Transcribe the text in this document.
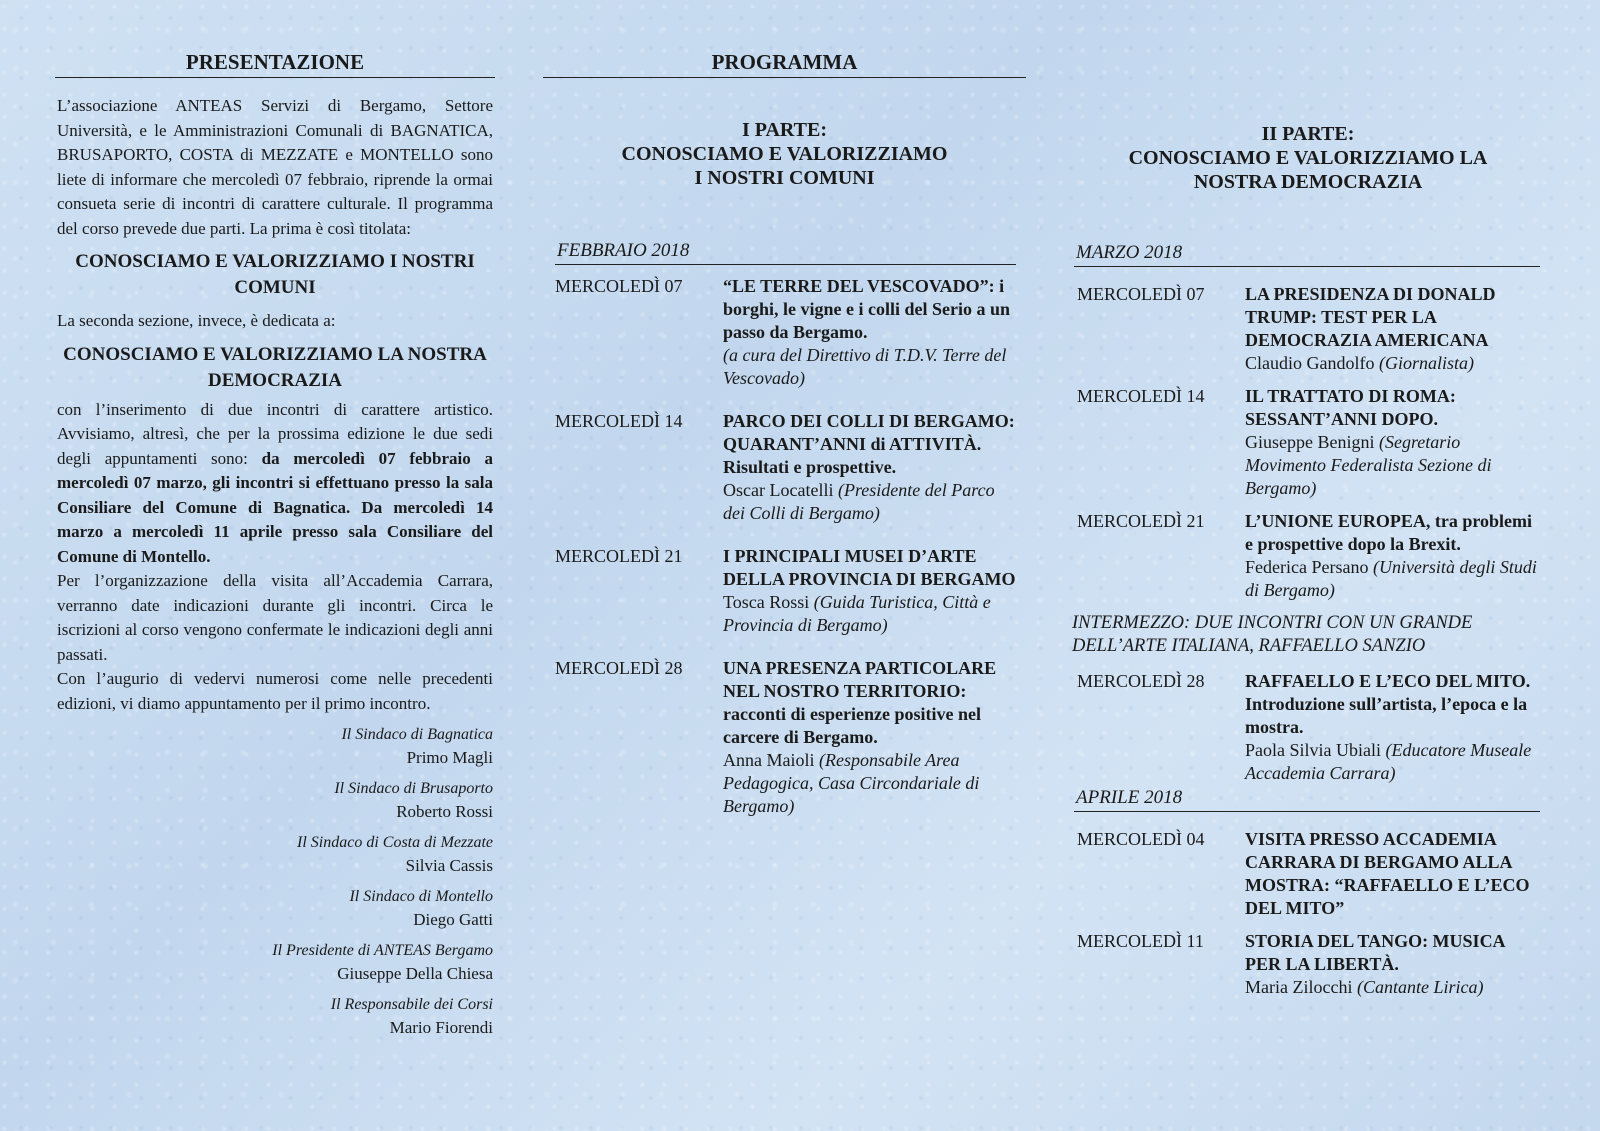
PRESENTAZIONE
L’associazione ANTEAS Servizi di Bergamo, Settore Università, e le Amministrazioni Comunali di BAGNATICA, BRUSAPORTO, COSTA di MEZZATE e MONTELLO sono liete di informare che mercoledì 07 febbraio, riprende la ormai consueta serie di incontri di carattere culturale. Il programma del corso prevede due parti. La prima è così titolata:
CONOSCIAMO E VALORIZZIAMO I NOSTRI COMUNI
La seconda sezione, invece, è dedicata a:
CONOSCIAMO E VALORIZZIAMO LA NOSTRA DEMOCRAZIA
con l’inserimento di due incontri di carattere artistico. Avvisiamo, altresì, che per la prossima edizione le due sedi degli appuntamenti sono: da mercoledì 07 febbraio a mercoledì 07 marzo, gli incontri si effettuano presso la sala Consiliare del Comune di Bagnatica. Da mercoledì 14 marzo a mercoledì 11 aprile presso sala Consiliare del Comune di Montello.
Per l’organizzazione della visita all’Accademia Carrara, verranno date indicazioni durante gli incontri. Circa le iscrizioni al corso vengono confermate le indicazioni degli anni passati.
Con l’augurio di vedervi numerosi come nelle precedenti edizioni, vi diamo appuntamento per il primo incontro.
Il Sindaco di Bagnatica
Primo Magli
Il Sindaco di Brusaporto
Roberto Rossi
Il Sindaco di Costa di Mezzate
Silvia Cassis
Il Sindaco di Montello
Diego Gatti
Il Presidente di ANTEAS Bergamo
Giuseppe Della Chiesa
Il Responsabile dei Corsi
Mario Fiorendi
PROGRAMMA
I PARTE:
CONOSCIAMO E VALORIZZIAMO
I NOSTRI COMUNI
FEBBRAIO 2018
MERCOLEDÌ 07	“LE TERRE DEL VESCOVADO”: i borghi, le vigne e i colli del Serio a un passo da Bergamo.
(a cura del Direttivo di T.D.V. Terre del Vescovado)
MERCOLEDÌ 14	PARCO DEI COLLI DI BERGAMO: QUARANT’ANNI di ATTIVITÀ. Risultati e prospettive.
Oscar Locatelli (Presidente del Parco dei Colli di Bergamo)
MERCOLEDÌ 21	I PRINCIPALI MUSEI D’ARTE DELLA PROVINCIA DI BERGAMO
Tosca Rossi (Guida Turistica, Città e Provincia di Bergamo)
MERCOLEDÌ 28	UNA PRESENZA PARTICOLARE NEL NOSTRO TERRITORIO: racconti di esperienze positive nel carcere di Bergamo.
Anna Maioli (Responsabile Area Pedagogica, Casa Circondariale di Bergamo)
II PARTE:
CONOSCIAMO E VALORIZZIAMO LA
NOSTRA DEMOCRAZIA
MARZO 2018
MERCOLEDÌ 07	LA PRESIDENZA DI DONALD TRUMP: TEST PER LA DEMOCRAZIA AMERICANA
Claudio Gandolfo (Giornalista)
MERCOLEDÌ 14	IL TRATTATO DI ROMA: SESSANT’ANNI DOPO.
Giuseppe Benigni (Segretario Movimento Federalista Sezione di Bergamo)
MERCOLEDÌ 21	L’UNIONE EUROPEA, tra problemi e prospettive dopo la Brexit.
Federica Persano (Università degli Studi di Bergamo)
INTERMEZZO: DUE INCONTRI CON UN GRANDE DELL’ARTE ITALIANA, RAFFAELLO SANZIO
MERCOLEDÌ 28	RAFFAELLO E L’ECO DEL MITO. Introduzione sull’artista, l’epoca e la mostra.
Paola Silvia Ubiali (Educatore Museale Accademia Carrara)
APRILE 2018
MERCOLEDÌ 04	VISITA PRESSO ACCADEMIA CARRARA DI BERGAMO ALLA MOSTRA: “RAFFAELLO E L’ECO DEL MITO”
MERCOLEDÌ 11	STORIA DEL TANGO: MUSICA PER LA LIBERTÀ.
Maria Zilocchi (Cantante Lirica)
